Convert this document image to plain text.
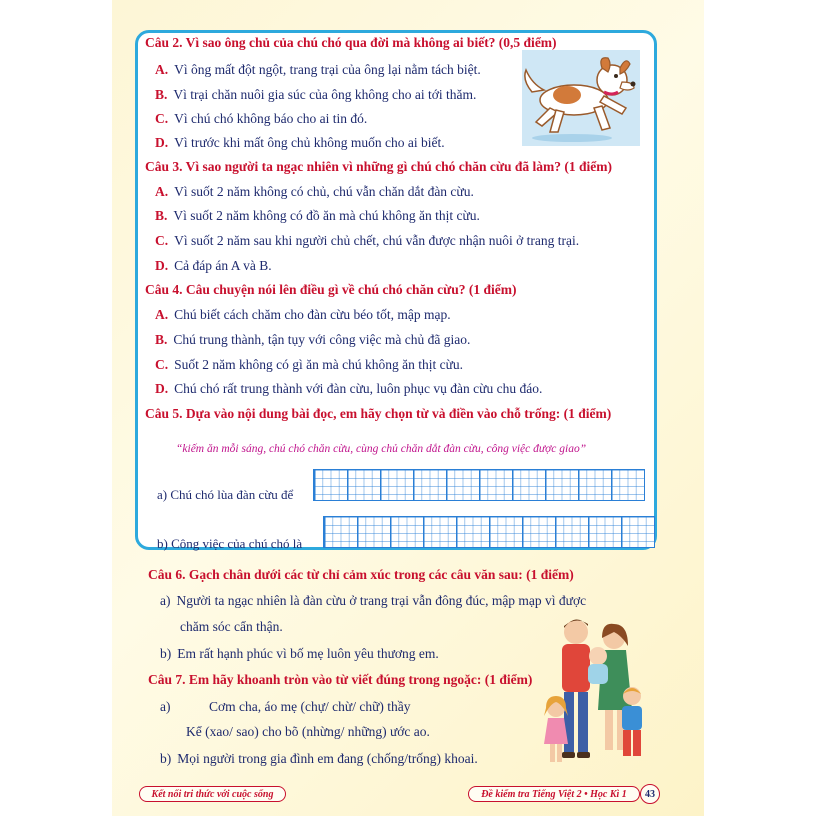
Câu 2. Vì sao ông chủ của chú chó qua đời mà không ai biết? (0,5 điểm)
A. Vì ông mất đột ngột, trang trại của ông lại nằm tách biệt.
B. Vì trại chăn nuôi gia súc của ông không cho ai tới thăm.
C. Vì chú chó không báo cho ai tin đó.
D. Vì trước khi mất ông chủ không muốn cho ai biết.
Câu 3. Vì sao người ta ngạc nhiên vì những gì chú chó chăn cừu đã làm? (1 điểm)
A. Vì suốt 2 năm không có chủ, chú vẫn chăn dắt đàn cừu.
B. Vì suốt 2 năm không có đồ ăn mà chú không ăn thịt cừu.
C. Vì suốt 2 năm sau khi người chủ chết, chú vẫn được nhận nuôi ở trang trại.
D. Cả đáp án A và B.
Câu 4. Câu chuyện nói lên điều gì về chú chó chăn cừu? (1 điểm)
A. Chú biết cách chăm cho đàn cừu béo tốt, mập mạp.
B. Chú trung thành, tận tụy với công việc mà chủ đã giao.
C. Suốt 2 năm không có gì ăn mà chú không ăn thịt cừu.
D. Chú chó rất trung thành với đàn cừu, luôn phục vụ đàn cừu chu đáo.
Câu 5. Dựa vào nội dung bài đọc, em hãy chọn từ và điền vào chỗ trống: (1 điểm)
“kiếm ăn mỗi sáng, chú chó chăn cừu, cùng chủ chăn dắt đàn cừu, công việc được giao”
a) Chú chó lùa đàn cừu để
b) Công việc của chú chó là
Câu 6. Gạch chân dưới các từ chỉ cảm xúc trong các câu văn sau: (1 điểm)
a) Người ta ngạc nhiên là đàn cừu ở trang trại vẫn đông đúc, mập mạp vì được
chăm sóc cẩn thận.
b) Em rất hạnh phúc vì bố mẹ luôn yêu thương em.
Câu 7. Em hãy khoanh tròn vào từ viết đúng trong ngoặc: (1 điểm)
a)	Cơm cha, áo mẹ (chự/ chừ/ chữ) thầy
Kể (xao/ sao) cho bõ (nhừng/ những) ước ao.
b) Mọi người trong gia đình em đang (chống/trống) khoai.
Kết nối tri thức với cuộc sống	Đề kiểm tra Tiếng Việt 2 • Học Kì 1	43
